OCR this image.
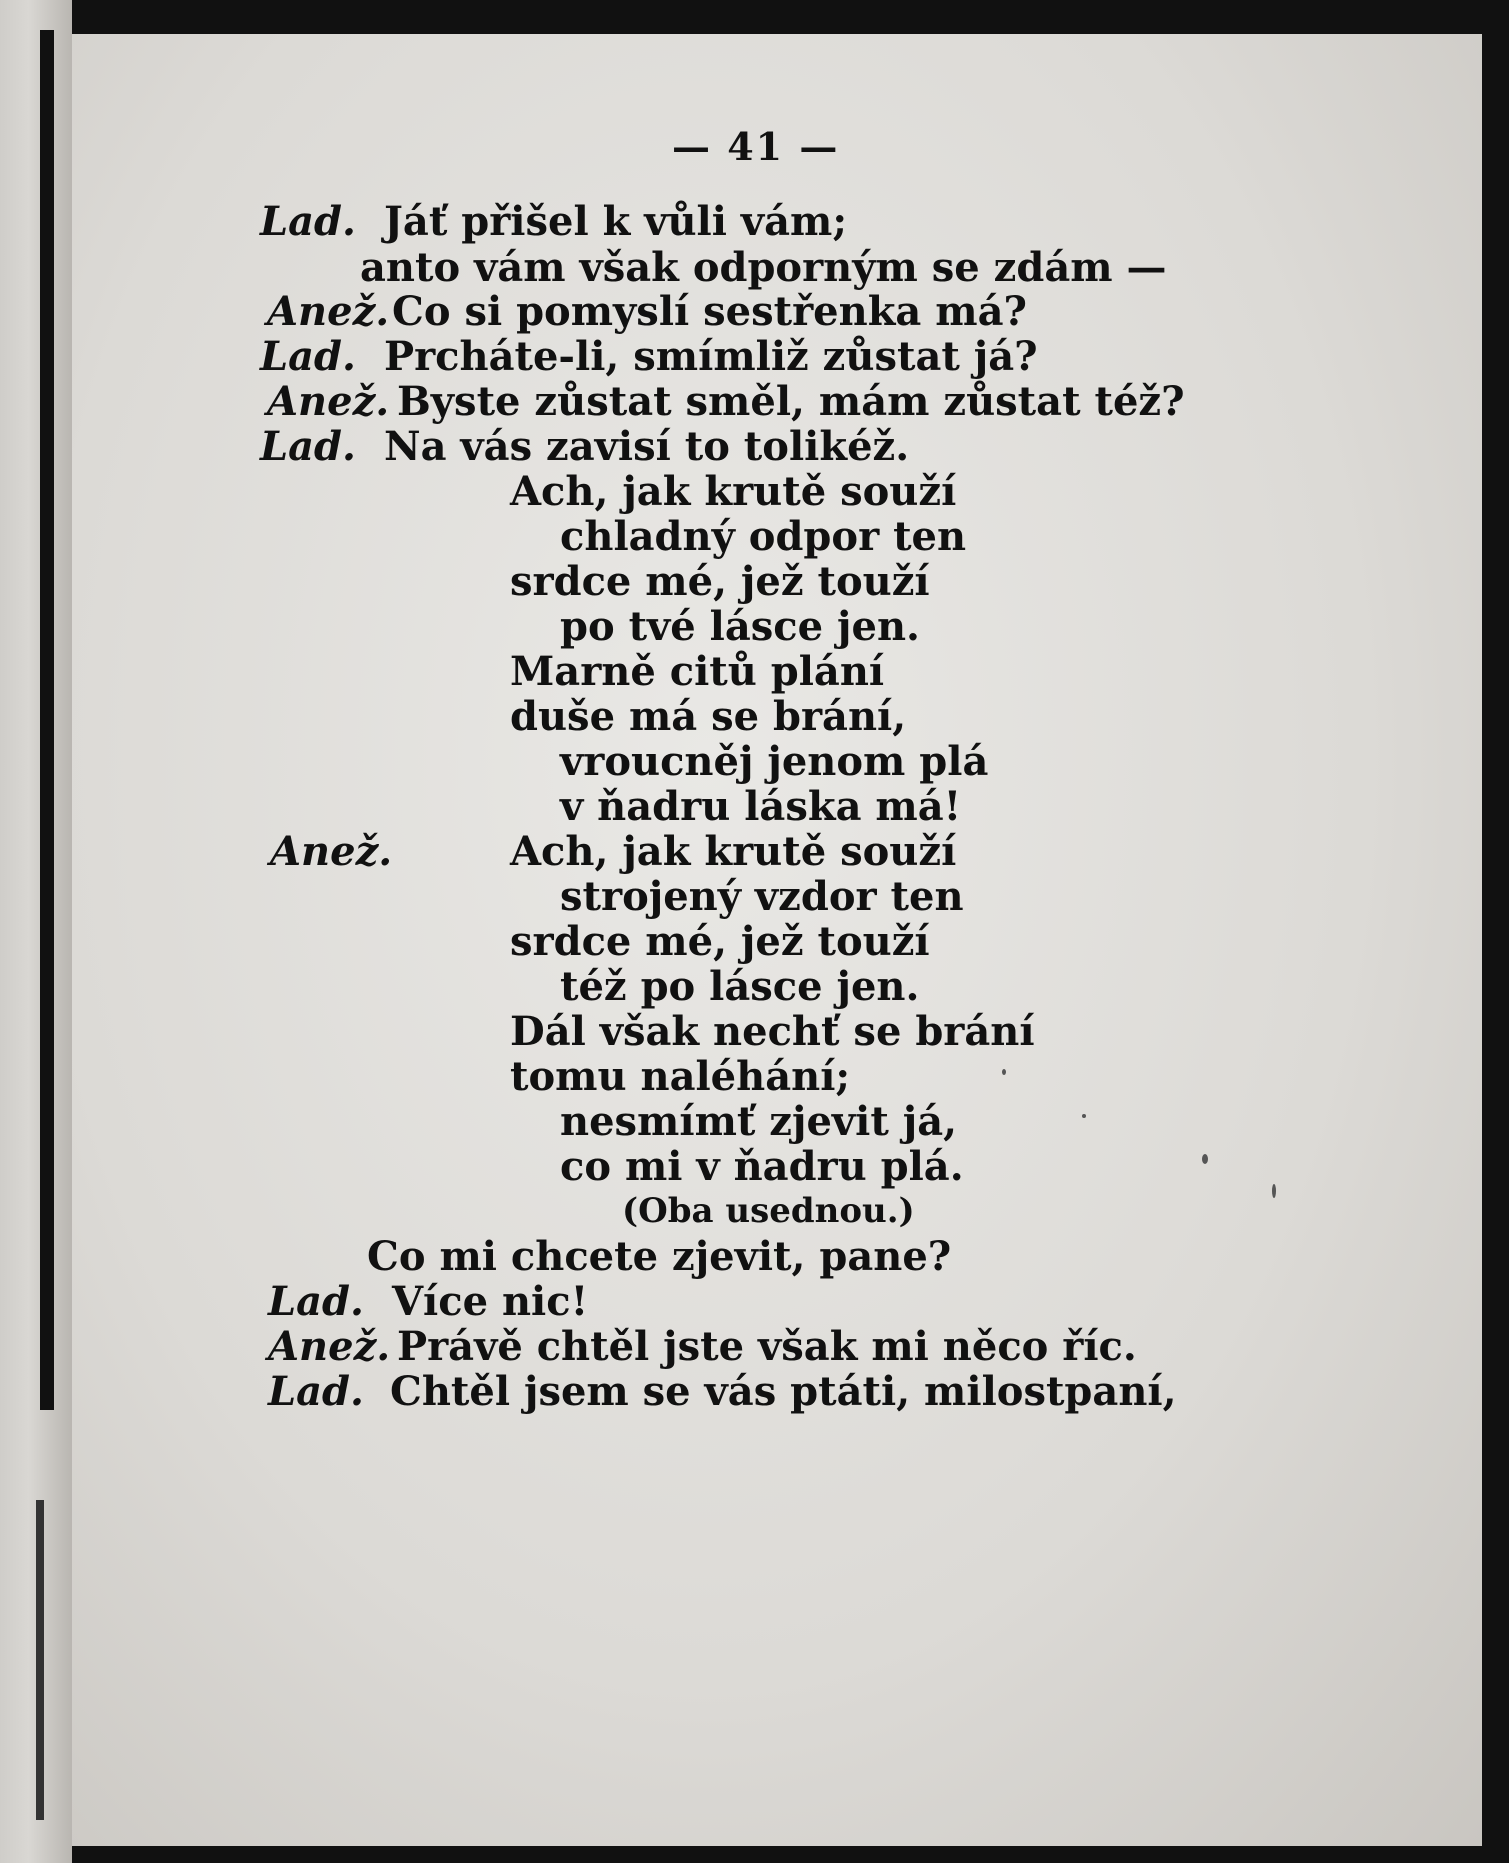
— 41 —
Lad. Jáť přišel k vůli vám;
anto vám však odporným se zdám —
Anež. Co si pomyslí sestřenka má?
Lad. Prcháte-li, smímliž zůstat já?
Anež. Byste zůstat směl, mám zůstat též?
Lad. Na vás zavisí to tolikéž.
Ach, jak krutě souží
chladný odpor ten
srdce mé, jež touží
po tvé lásce jen.
Marně citů plání
duše má se brání,
vroucněj jenom plá
v ňadru láska má!
Anež.	Ach, jak krutě souží
strojený vzdor ten
srdce mé, jež touží
též po lásce jen.
Dál však nechť se brání
tomu naléhání;
nesmímť zjevit já,
co mi v ňadru plá.
(Oba usednou.)
Co mi chcete zjevit, pane?
Lad. Více nic!
Anež. Právě chtěl jste však mi něco říc.
Lad. Chtěl jsem se vás ptáti, milostpaní,
